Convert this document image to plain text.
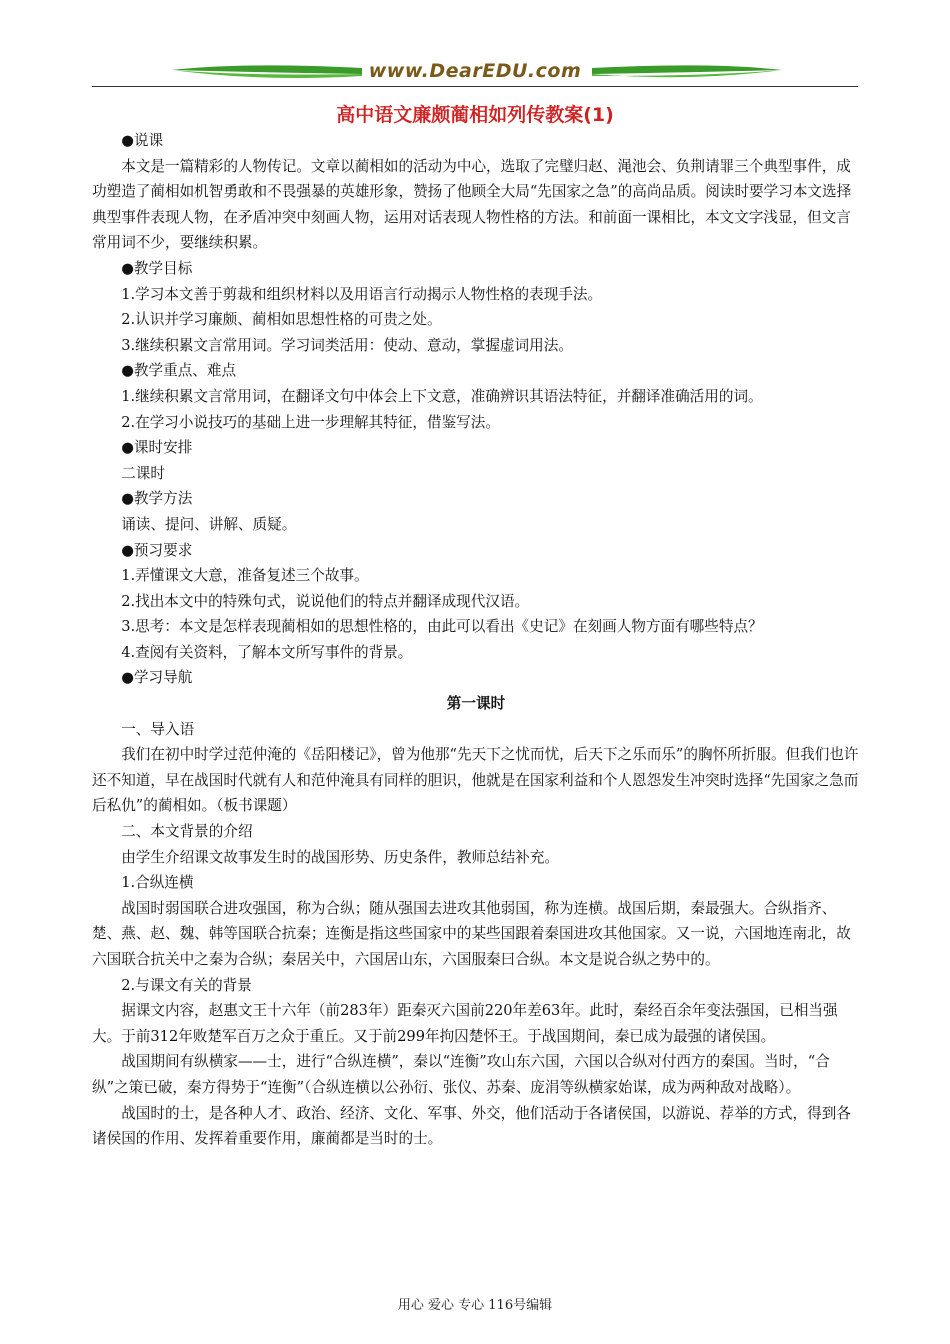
www.DearEDU.com
高中语文廉颇蔺相如列传教案(1)

●说课

本文是一篇精彩的人物传记。文章以蔺相如的活动为中心，选取了完璧归赵、渑池会、负荆请罪三个典型事件，成功塑造了蔺相如机智勇敢和不畏强暴的英雄形象，赞扬了他顾全大局“先国家之急”的高尚品质。阅读时要学习本文选择典型事件表现人物，在矛盾冲突中刻画人物，运用对话表现人物性格的方法。和前面一课相比，本文文字浅显，但文言常用词不少，要继续积累。

●教学目标

1.学习本文善于剪裁和组织材料以及用语言行动揭示人物性格的表现手法。

2.认识并学习廉颇、蔺相如思想性格的可贵之处。

3.继续积累文言常用词。学习词类活用：使动、意动，掌握虚词用法。

●教学重点、难点

1.继续积累文言常用词，在翻译文句中体会上下文意，准确辨识其语法特征，并翻译准确活用的词。

2.在学习小说技巧的基础上进一步理解其特征，借鉴写法。

●课时安排

二课时

●教学方法

诵读、提问、讲解、质疑。

●预习要求

1.弄懂课文大意，准备复述三个故事。

2.找出本文中的特殊句式，说说他们的特点并翻译成现代汉语。

3.思考：本文是怎样表现蔺相如的思想性格的，由此可以看出《史记》在刻画人物方面有哪些特点？

4.查阅有关资料，了解本文所写事件的背景。

●学习导航

第一课时

一、导入语

我们在初中时学过范仲淹的《岳阳楼记》，曾为他那“先天下之忧而忧，后天下之乐而乐”的胸怀所折服。但我们也许还不知道，早在战国时代就有人和范仲淹具有同样的胆识，他就是在国家利益和个人恩怨发生冲突时选择“先国家之急而后私仇”的蔺相如。（板书课题）

二、本文背景的介绍

由学生介绍课文故事发生时的战国形势、历史条件，教师总结补充。

1.合纵连横

战国时弱国联合进攻强国，称为合纵；随从强国去进攻其他弱国，称为连横。战国后期，秦最强大。合纵指齐、楚、燕、赵、魏、韩等国联合抗秦；连衡是指这些国家中的某些国跟着秦国进攻其他国家。又一说，六国地连南北，故六国联合抗关中之秦为合纵；秦居关中，六国居山东，六国服秦曰合纵。本文是说合纵之势中的。

2.与课文有关的背景

据课文内容，赵惠文王十六年（前283年）距秦灭六国前220年差63年。此时，秦经百余年变法强国，已相当强大。于前312年败楚军百万之众于重丘。又于前299年拘囚楚怀王。于战国期间，秦已成为最强的诸侯国。

战国期间有纵横家——士，进行“合纵连横”，秦以“连衡”攻山东六国，六国以合纵对付西方的秦国。当时，“合纵”之策已破，秦方得势于“连衡”（合纵连横以公孙衍、张仪、苏秦、庞涓等纵横家始谋，成为两种敌对战略）。

战国时的士，是各种人才、政治、经济、文化、军事、外交，他们活动于各诸侯国，以游说、荐举的方式，得到各诸侯国的作用、发挥着重要作用，廉蔺都是当时的士。

用心 爱心 专心 116号编辑
